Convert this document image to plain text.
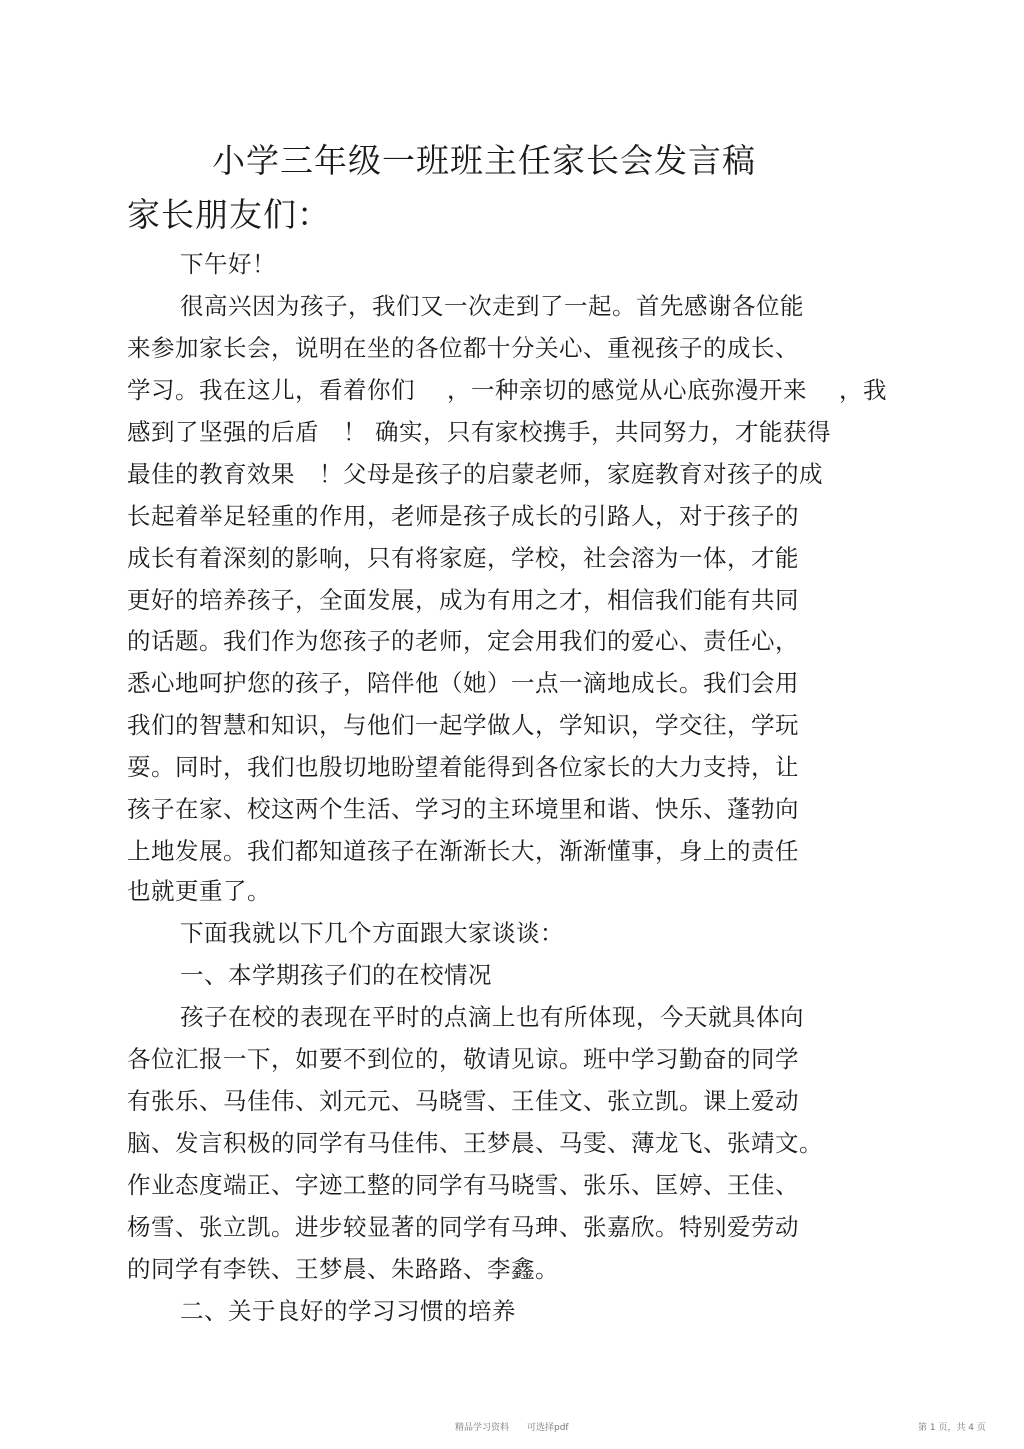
小学三年级一班班主任家长会发言稿
家长朋友们：
下午好！
很高兴因为孩子，我们又一次走到了一起。首先感谢各位能
来参加家长会，说明在坐的各位都十分关心、重视孩子的成长、
学习。我在这儿，看着你们　 ，一种亲切的感觉从心底弥漫开来　 ，我
感到了坚强的后盾　！ 确实，只有家校携手，共同努力，才能获得
最佳的教育效果　！父母是孩子的启蒙老师，家庭教育对孩子的成
长起着举足轻重的作用，老师是孩子成长的引路人，对于孩子的
成长有着深刻的影响，只有将家庭，学校，社会溶为一体，才能
更好的培养孩子，全面发展，成为有用之才，相信我们能有共同
的话题。我们作为您孩子的老师，定会用我们的爱心、责任心，
悉心地呵护您的孩子，陪伴他（她）一点一滴地成长。我们会用
我们的智慧和知识，与他们一起学做人，学知识，学交往，学玩
耍。同时，我们也殷切地盼望着能得到各位家长的大力支持，让
孩子在家、校这两个生活、学习的主环境里和谐、快乐、蓬勃向
上地发展。我们都知道孩子在渐渐长大，渐渐懂事，身上的责任
也就更重了。
下面我就以下几个方面跟大家谈谈：
一、本学期孩子们的在校情况
孩子在校的表现在平时的点滴上也有所体现，今天就具体向
各位汇报一下，如要不到位的，敬请见谅。班中学习勤奋的同学
有张乐、马佳伟、刘元元、马晓雪、王佳文、张立凯。课上爱动
脑、发言积极的同学有马佳伟、王梦晨、马雯、薄龙飞、张靖文。
作业态度端正、字迹工整的同学有马晓雪、张乐、匡婷、王佳、
杨雪、张立凯。进步较显著的同学有马珅、张嘉欣。特别爱劳动
的同学有李铁、王梦晨、朱路路、李鑫。
二、关于良好的学习习惯的培养
精品学习资料　　可选择pdf	第 1 页，共 4 页
